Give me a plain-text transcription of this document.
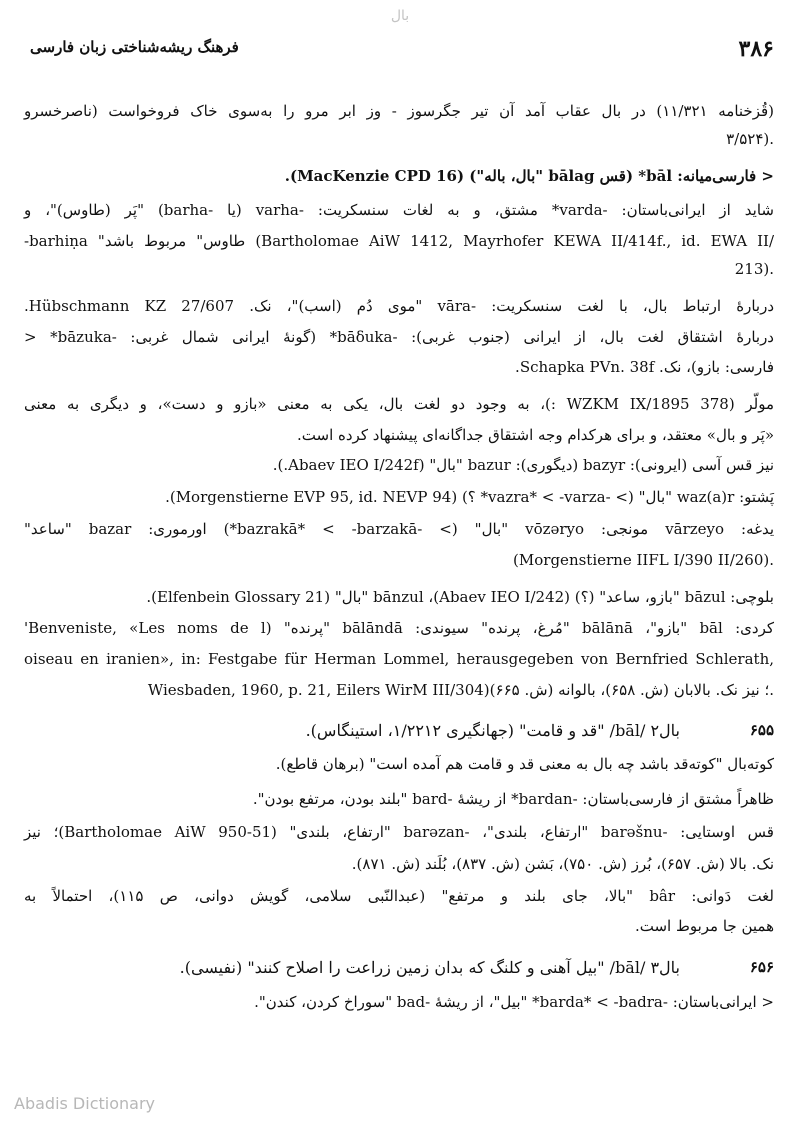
بال
۳۸۶
فرهنگ ریشه‌شناختی زبان فارسی
(قُزخنامه ۱۱/۳۲۱) در بال عقاب آمد آن تیر جگرسوز - وز ابر مرو را به‌سوی خاک فروخواست (ناصرخسرو
۳/۵۲۴).
< فارسی‌میانه: bāl* (قس bālag "بال، باله") (MacKenzie CPD 16).
شاید از ایرانی‌باستان: -varda* مشتق، و به لغات سنسکریت: -varha (یا -barha) "پَر (طاوس)"، و
-barhiṇa "طاوس" مربوط باشد (Bartholomae AiW 1412, Mayrhofer KEWA II/414f., id. EWA II/
213).
دربارهٔ ارتباط بال، با لغت سنسکریت: -vāra "موی دُم (اسب)"، نک. Hübschmann KZ 27/607.
دربارهٔ اشتقاق لغت بال، از ایرانی (جنوب غربی): -bāδuka* (گونهٔ ایرانی شمال غربی: -bāzuka* <
فارسی: بازو)، نک. Schapka PVn. 38f.
مولّر (WZKM IX/1895 378 :)، به وجود دو لغت بال، یکی به معنی «بازو و دست»، و دیگری به معنی
«پَر و بال» معتقد، و برای هرکدام وجه اشتقاق جداگانه‌ای پیشنهاد کرده است.
نیز قس آسی (ایرونی): bazyr (دیگوری): bazur "بال" (Abaev IEO I/242f.).
پَشتو: waz(a)r "بال" (> -vazra* < -varza* ؟) (Morgenstierne EVP 95, id. NEVP 94).
یدغه: vārzeyo مونجی: vōzəryo "بال" (> -bazrakā* < -barzakā*) اورموری: bazar "ساعد"
(Morgenstierne IIFL I/390 II/260).
بلوچی: bāzul "بازو، ساعد" (؟) (Abaev IEO I/242)، bānzul "بال" (Elfenbein Glossary 21).
کردی: bāl "بازو"، bālānā "مُرغ، پرنده" سیوندی: bālāndā "پرنده" (Benveniste, «Les noms de l'
oiseau en iranien», in: Festgabe für Herman Lommel, herausgegeben von Bernfried Schlerath,
Wiesbaden, 1960, p. 21, Eilers WirM III/304)؛ نیز نک. بالابان (ش. ۶۵۸)، بالوانه (ش. ۶۶۵).
۶۵۵
بال۲ /bāl/ "قد و قامت" (جهانگیری ۱/۲۲۱۲، استینگاس).
کوته‌بال "کوته‌قد باشد چه بال به معنی قد و قامت هم آمده است" (برهان قاطع).
ظاهراً مشتق از فارسی‌باستان: -bardan* از ریشهٔ -bard "بلند بودن، مرتفع بودن".
قس اوستایی: -barəšnu "ارتفاع، بلندی"، -barəzan "ارتفاع، بلندی" (Bartholomae AiW 950-51)؛ نیز
نک. بالا (ش. ۶۵۷)، بُرز (ش. ۷۵۰)، بَشن (ش. ۸۳۷)، بُلَند (ش. ۸۷۱).
لغت دَوانی: bâr "بالا، جای بلند و مرتفع" (عبدالنّبی سلامی، گویش دوانی، ص ۱۱۵)، احتمالاً به
همین جا مربوط است.
۶۵۶
بال۳ /bāl/ "بیل آهنی و کلنگ که بدان زمین زراعت را اصلاح کنند" (نفیسی).
< ایرانی‌باستان: -barda* < -badra* "بیل"، از ریشهٔ -bad "سوراخ کردن، کندن".
Abadis Dictionary
